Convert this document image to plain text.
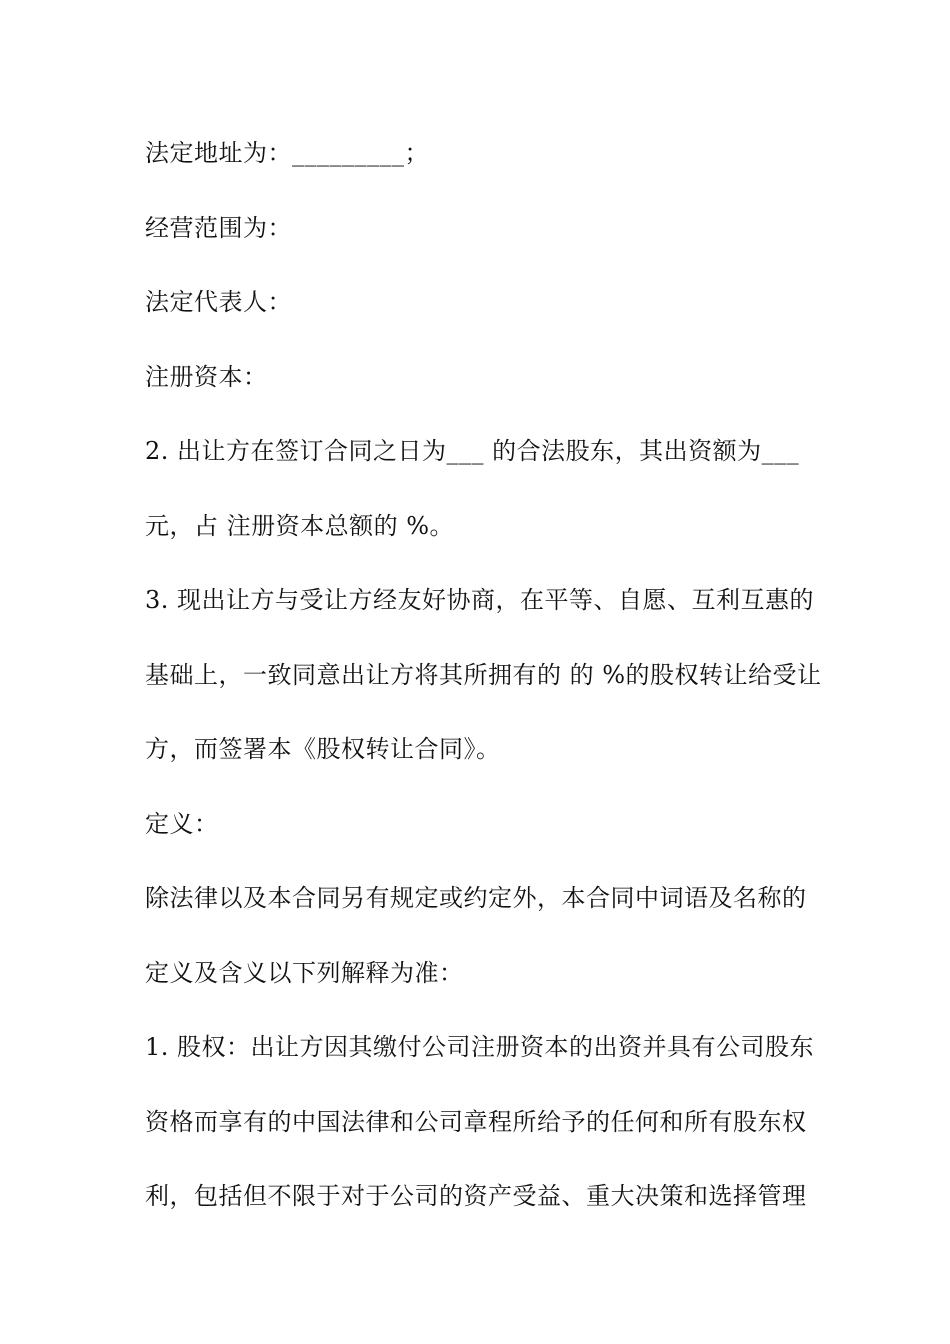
法定地址为：_________；
经营范围为：
法定代表人：
注册资本：
2. 出让方在签订合同之日为___ 的合法股东，其出资额为___
元，占 注册资本总额的 %。
3. 现出让方与受让方经友好协商，在平等、自愿、互利互惠的
基础上，一致同意出让方将其所拥有的 的 %的股权转让给受让
方，而签署本《股权转让合同》。
定义：
除法律以及本合同另有规定或约定外，本合同中词语及名称的
定义及含义以下列解释为准：
1. 股权：出让方因其缴付公司注册资本的出资并具有公司股东
资格而享有的中国法律和公司章程所给予的任何和所有股东权
利，包括但不限于对于公司的资产受益、重大决策和选择管理
